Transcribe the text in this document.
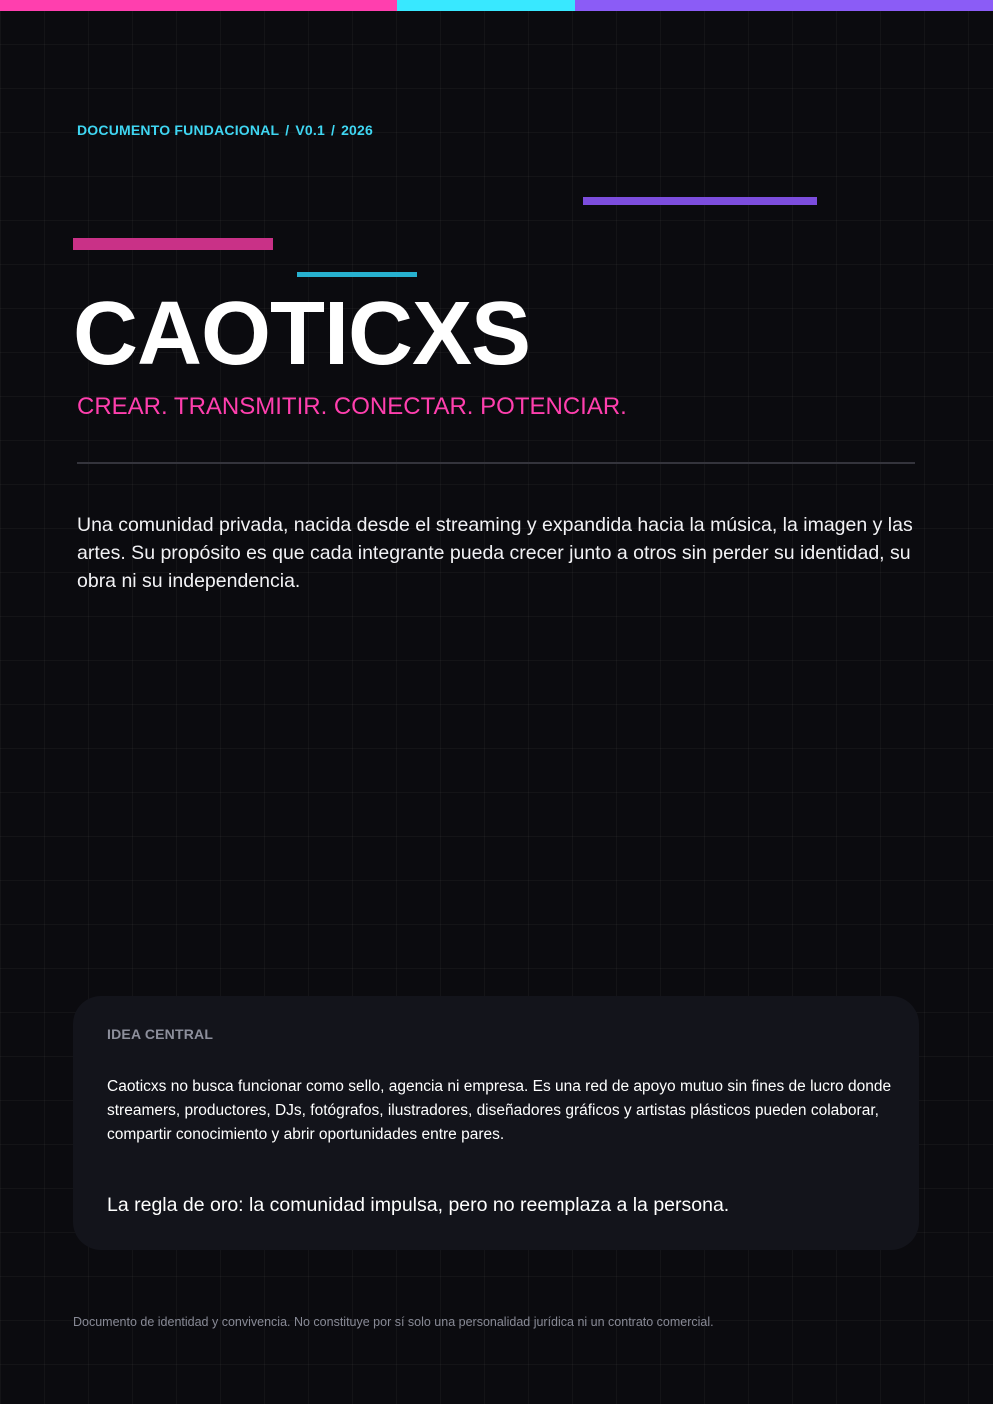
DOCUMENTO FUNDACIONAL / V0.1 / 2026
CAOTICXS

CREAR. TRANSMITIR. CONECTAR. POTENCIAR.

Una comunidad privada, nacida desde el streaming y expandida hacia la música, la imagen y las artes. Su propósito es que cada integrante pueda crecer junto a otros sin perder su identidad, su obra ni su independencia.

IDEA CENTRAL

Caoticxs no busca funcionar como sello, agencia ni empresa. Es una red de apoyo mutuo sin fines de lucro donde streamers, productores, DJs, fotógrafos, ilustradores, diseñadores gráficos y artistas plásticos pueden colaborar, compartir conocimiento y abrir oportunidades entre pares.

La regla de oro: la comunidad impulsa, pero no reemplaza a la persona.

Documento de identidad y convivencia. No constituye por sí solo una personalidad jurídica ni un contrato comercial.
